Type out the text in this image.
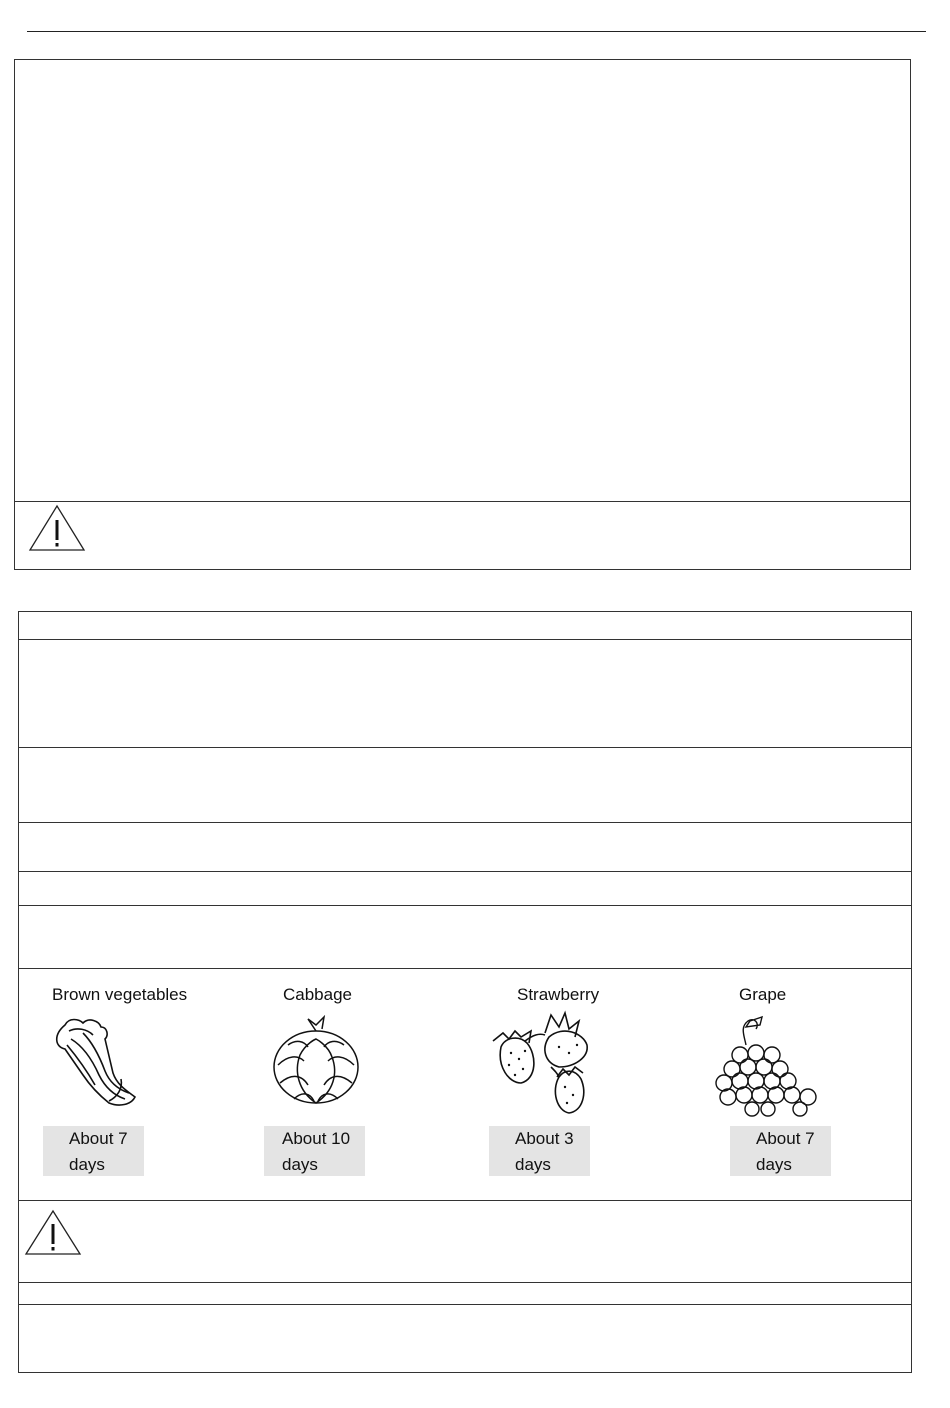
Brown vegetables
About 7 days
Cabbage
About 10 days
Strawberry
About 3 days
Grape
About 7 days
